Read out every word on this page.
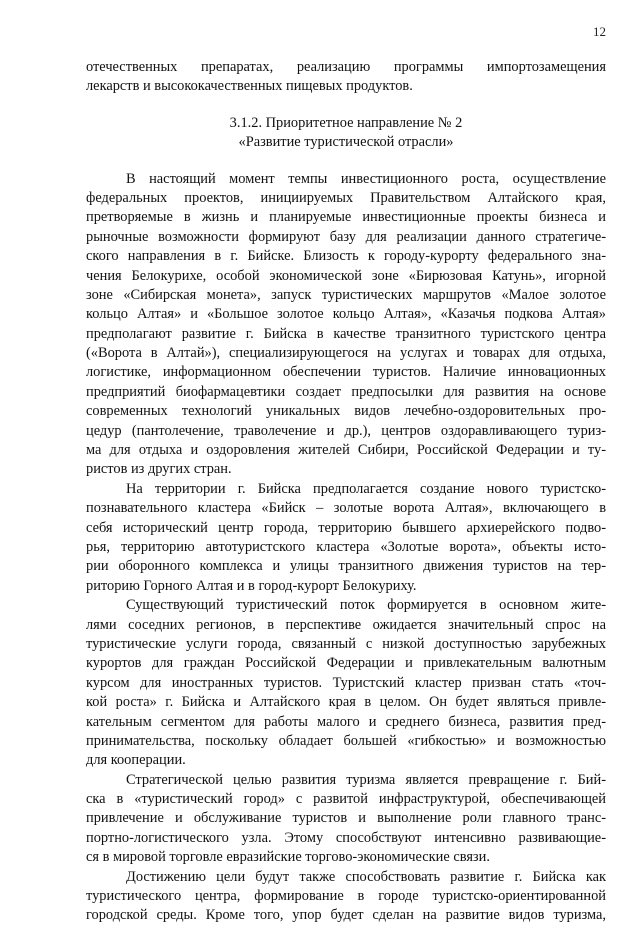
12
отечественных препаратах, реализацию программы импортозамещения
лекарств и высококачественных пищевых продуктов.
3.1.2. Приоритетное направление № 2
«Развитие туристической отрасли»
В настоящий момент темпы инвестиционного роста, осуществление
федеральных проектов, инициируемых Правительством Алтайского края,
претворяемые в жизнь и планируемые инвестиционные проекты бизнеса и
рыночные возможности формируют базу для реализации данного стратегиче-
ского направления в г. Бийске. Близость к городу-курорту федерального зна-
чения Белокурихе, особой экономической зоне «Бирюзовая Катунь», игорной
зоне «Сибирская монета», запуск туристических маршрутов «Малое золотое
кольцо Алтая» и «Большое золотое кольцо Алтая», «Казачья подкова Алтая»
предполагают развитие г. Бийска в качестве транзитного туристского центра
(«Ворота в Алтай»), специализирующегося на услугах и товарах для отдыха,
логистике, информационном обеспечении туристов. Наличие инновационных
предприятий биофармацевтики создает предпосылки для развития на основе
современных технологий уникальных видов лечебно-оздоровительных про-
цедур (пантолечение, траволечение и др.), центров оздоравливающего туриз-
ма для отдыха и оздоровления жителей Сибири, Российской Федерации и ту-
ристов из других стран.
На территории г. Бийска предполагается создание нового туристско-
познавательного кластера «Бийск – золотые ворота Алтая», включающего в
себя исторический центр города, территорию бывшего архиерейского подво-
рья, территорию автотуристского кластера «Золотые ворота», объекты исто-
рии оборонного комплекса и улицы транзитного движения туристов на тер-
риторию Горного Алтая и в город-курорт Белокуриху.
Существующий туристический поток формируется в основном жите-
лями соседних регионов, в перспективе ожидается значительный спрос на
туристические услуги города, связанный с низкой доступностью зарубежных
курортов для граждан Российской Федерации и привлекательным валютным
курсом для иностранных туристов. Туристский кластер призван стать «точ-
кой роста» г. Бийска и Алтайского края в целом. Он будет являться привле-
кательным сегментом для работы малого и среднего бизнеса, развития пред-
принимательства, поскольку обладает большей «гибкостью» и возможностью
для кооперации.
Стратегической целью развития туризма является превращение г. Бий-
ска в «туристический город» с развитой инфраструктурой, обеспечивающей
привлечение и обслуживание туристов и выполнение роли главного транс-
портно-логистического узла. Этому способствуют интенсивно развивающие-
ся в мировой торговле евразийские торгово-экономические связи.
Достижению цели будут также способствовать развитие г. Бийска как
туристического центра, формирование в городе туристско-ориентированной
городской среды. Кроме того, упор будет сделан на развитие видов туризма,
